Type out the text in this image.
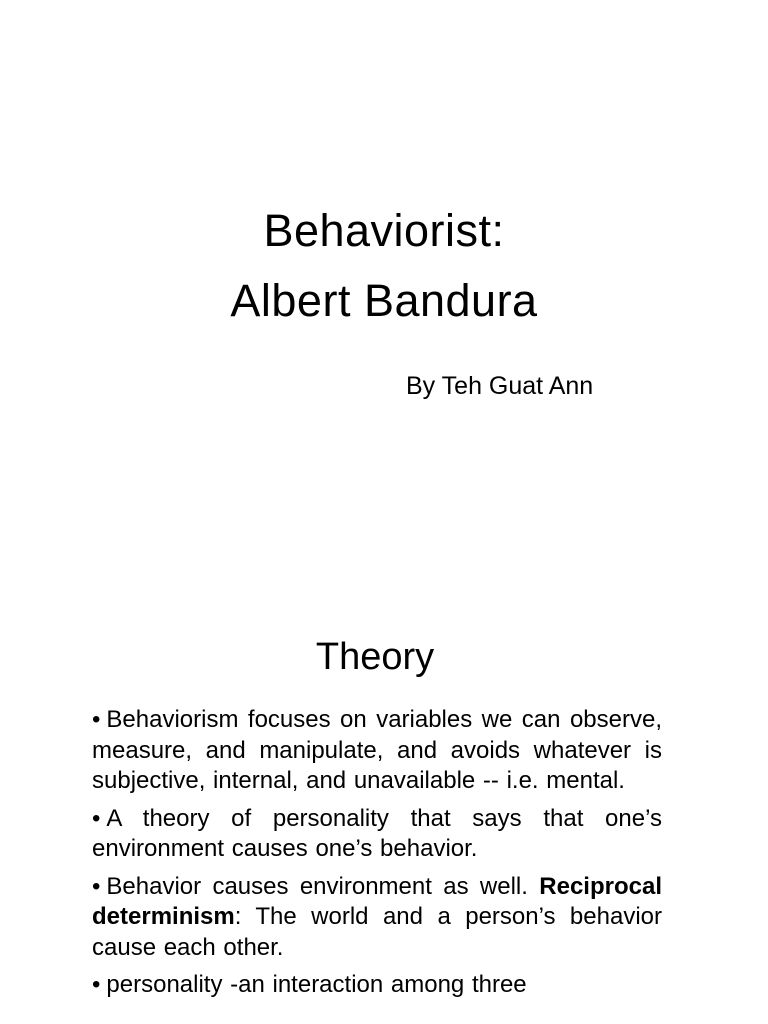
Behaviorist:
Albert Bandura
By Teh Guat Ann
Theory
• Behaviorism focuses on variables we can observe, measure, and manipulate, and avoids whatever is subjective, internal, and unavailable -- i.e. mental.
• A theory of personality that says that one’s environment causes one’s behavior.
• Behavior causes environment as well. Reciprocal determinism: The world and a person’s behavior cause each other.
• personality -an interaction among three
